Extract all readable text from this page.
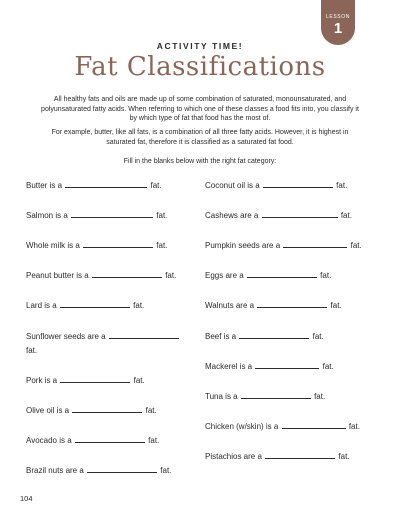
LESSON
1
ACTIVITY TIME!
Fat Classifications

All healthy fats and oils are made up of some combination of saturated, monounsaturated, and polyunsaturated fatty acids. When referring to which one of these classes a food fits into, you classify it by which type of fat that food has the most of.

For example, butter, like all fats, is a combination of all three fatty acids. However, it is highest in saturated fat, therefore it is classified as a saturated fat food.

Fill in the blanks below with the right fat category:

Butter is a	fat.
Salmon is a	fat.
Whole milk is a	fat.
Peanut butter is a	fat.
Lard is a	fat.
Sunflower seeds are a
fat.
Pork is a	fat.
Olive oil is a	fat.
Avocado is a	fat.
Brazil nuts are a	fat.
Coconut oil is a	fat.
Cashews are a	fat.
Pumpkin seeds are a	fat.
Eggs are a	fat.
Walnuts are a	fat.
Beef is a	fat.
Mackerel is a	fat.
Tuna is a	fat.
Chicken (w/skin) is a	fat.
Pistachios are a	fat.
104
